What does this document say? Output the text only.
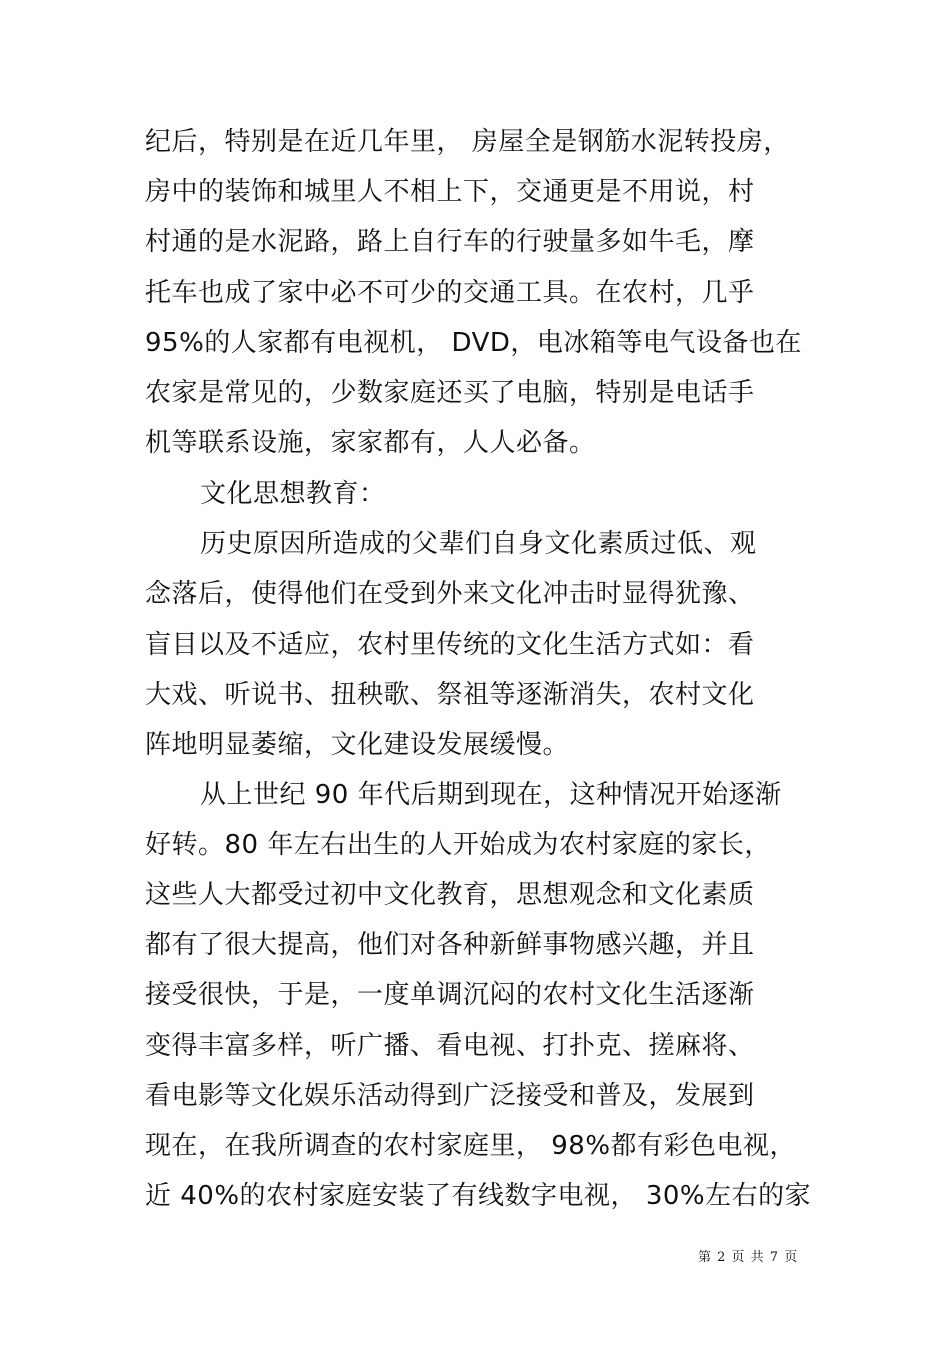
纪后，特别是在近几年里， 房屋全是钢筋水泥转投房，
房中的装饰和城里人不相上下，交通更是不用说，村
村通的是水泥路，路上自行车的行驶量多如牛毛，摩
托车也成了家中必不可少的交通工具。在农村，几乎
95%的人家都有电视机， DVD，电冰箱等电气设备也在
农家是常见的，少数家庭还买了电脑，特别是电话手
机等联系设施，家家都有，人人必备。
文化思想教育：
历史原因所造成的父辈们自身文化素质过低、观
念落后，使得他们在受到外来文化冲击时显得犹豫、
盲目以及不适应，农村里传统的文化生活方式如：看
大戏、听说书、扭秧歌、祭祖等逐渐消失，农村文化
阵地明显萎缩，文化建设发展缓慢。
从上世纪 90 年代后期到现在，这种情况开始逐渐
好转。80 年左右出生的人开始成为农村家庭的家长，
这些人大都受过初中文化教育，思想观念和文化素质
都有了很大提高，他们对各种新鲜事物感兴趣，并且
接受很快，于是，一度单调沉闷的农村文化生活逐渐
变得丰富多样，听广播、看电视、打扑克、搓麻将、
看电影等文化娱乐活动得到广泛接受和普及，发展到
现在，在我所调查的农村家庭里， 98%都有彩色电视，
近 40%的农村家庭安装了有线数字电视， 30%左右的家
第 2 页 共 7 页
